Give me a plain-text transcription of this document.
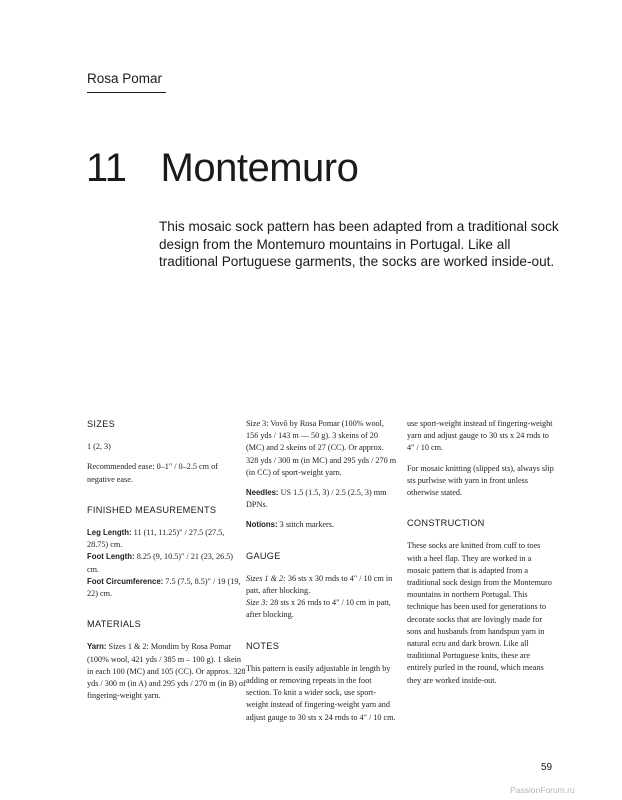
Rosa Pomar
11 Montemuro

This mosaic sock pattern has been adapted from a traditional sock design from the Montemuro mountains in Portugal. Like all traditional Portuguese garments, the socks are worked inside-out.

SIZES

1 (2, 3)

Recommended ease: 0–1" / 0–2.5 cm of negative ease.

FINISHED MEASUREMENTS

Leg Length: 11 (11, 11.25)" / 27.5 (27.5, 28.75) cm.

Foot Length: 8.25 (9, 10.5)" / 21 (23, 26.5) cm.

Foot Circumference: 7.5 (7.5, 8.5)" / 19 (19, 22) cm.

MATERIALS

Yarn: Sizes 1 & 2: Mondim by Rosa Pomar (100% wool, 421 yds / 385 m – 100 g). 1 skein in each 100 (MC) and 105 (CC). Or approx. 328 yds / 300 m (in A) and 295 yds / 270 m (in B) of fingering-weight yarn.

Size 3: Vovô by Rosa Pomar (100% wool, 156 yds / 143 m — 50 g). 3 skeins of 20 (MC) and 2 skeins of 27 (CC). Or approx. 328 yds / 300 m (in MC) and 295 yds / 270 m (in CC) of sport-weight yarn.

Needles: US 1.5 (1.5, 3) / 2.5 (2.5, 3) mm DPNs.

Notions: 3 stitch markers.

GAUGE

Sizes 1 & 2: 36 sts x 30 rnds to 4" / 10 cm in patt, after blocking.

Size 3: 28 sts x 26 rnds to 4" / 10 cm in patt, after blocking.

NOTES

This pattern is easily adjustable in length by adding or removing repeats in the foot section. To knit a wider sock, use sport-weight instead of fingering-weight yarn and adjust gauge to 30 sts x 24 rnds to 4" / 10 cm.

use sport-weight instead of fingering-weight yarn and adjust gauge to 30 sts x 24 rnds to 4" / 10 cm.

For mosaic knitting (slipped sts), always slip sts purlwise with yarn in front unless otherwise stated.

CONSTRUCTION

These socks are knitted from cuff to toes with a heel flap. They are worked in a mosaic pattern that is adapted from a traditional sock design from the Montemuro mountains in northern Portugal. This technique has been used for generations to decorate socks that are lovingly made for sons and husbands from handspun yarn in natural ecru and dark brown. Like all traditional Portuguese knits, these are entirely purled in the round, which means they are worked inside-out.

59
PassionForum.ru
